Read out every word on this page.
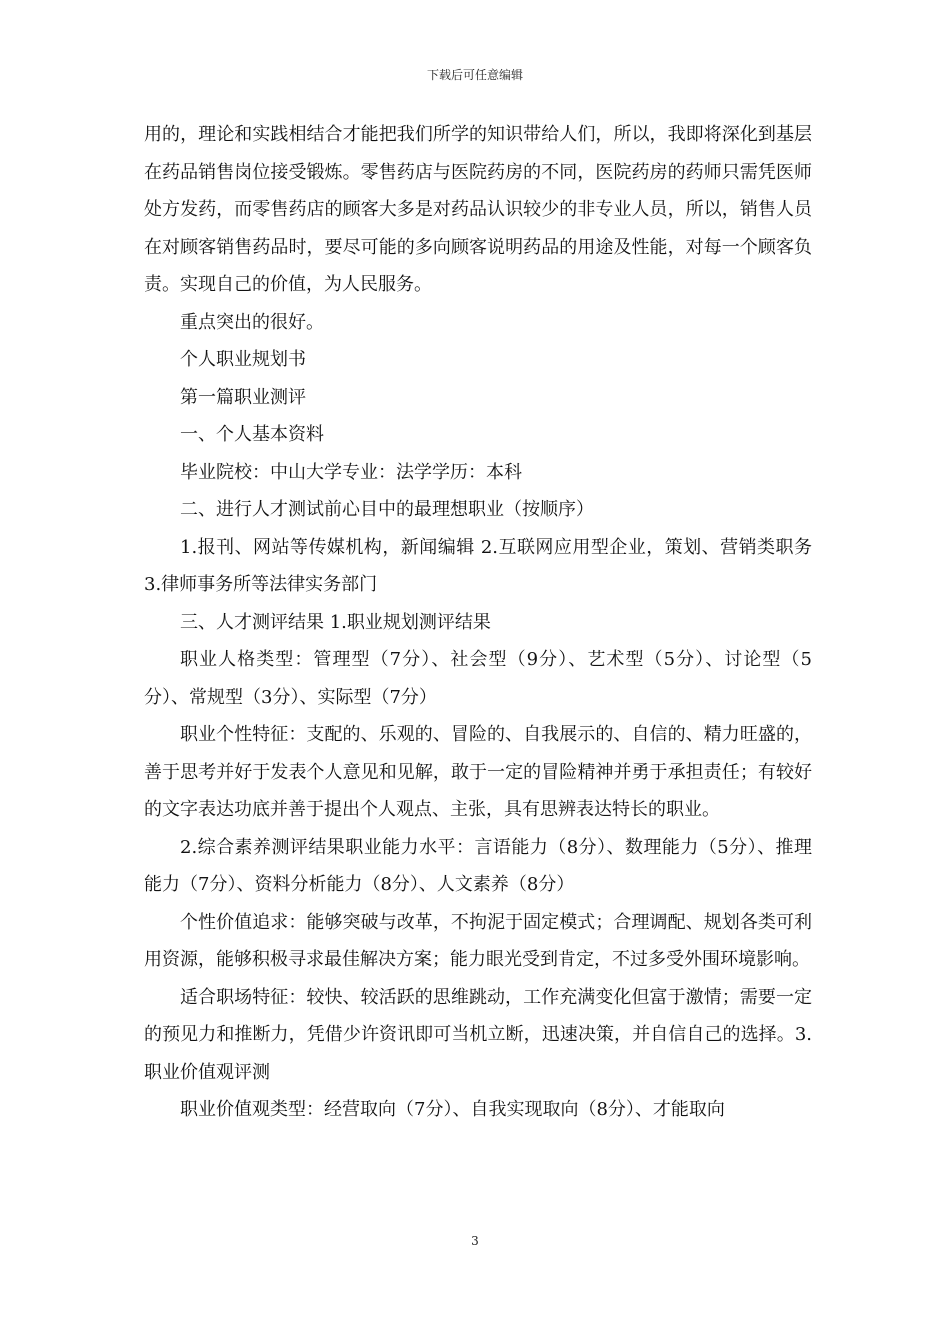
下载后可任意编辑

用的，理论和实践相结合才能把我们所学的知识带给人们，所以，我即将深化到基层在药品销售岗位接受锻炼。零售药店与医院药房的不同，医院药房的药师只需凭医师处方发药，而零售药店的顾客大多是对药品认识较少的非专业人员，所以，销售人员在对顾客销售药品时，要尽可能的多向顾客说明药品的用途及性能，对每一个顾客负责。实现自己的价值，为人民服务。

重点突出的很好。

个人职业规划书

第一篇职业测评

一、个人基本资料

毕业院校：中山大学专业：法学学历：本科

二、进行人才测试前心目中的最理想职业（按顺序）

1.报刊、网站等传媒机构，新闻编辑 2.互联网应用型企业，策划、营销类职务 3.律师事务所等法律实务部门

三、人才测评结果 1.职业规划测评结果

职业人格类型：管理型（7分）、社会型（9分）、艺术型（5分）、讨论型（5分）、常规型（3分）、实际型（7分）

职业个性特征：支配的、乐观的、冒险的、自我展示的、自信的、精力旺盛的，善于思考并好于发表个人意见和见解，敢于一定的冒险精神并勇于承担责任；有较好的文字表达功底并善于提出个人观点、主张，具有思辨表达特长的职业。

2.综合素养测评结果职业能力水平：言语能力（8分）、数理能力（5分）、推理能力（7分）、资料分析能力（8分）、人文素养（8分）

个性价值追求：能够突破与改革，不拘泥于固定模式；合理调配、规划各类可利用资源，能够积极寻求最佳解决方案；能力眼光受到肯定，不过多受外围环境影响。

适合职场特征：较快、较活跃的思维跳动，工作充满变化但富于激情；需要一定的预见力和推断力，凭借少许资讯即可当机立断，迅速决策，并自信自己的选择。3.职业价值观评测

职业价值观类型：经营取向（7分）、自我实现取向（8分）、才能取向

3
